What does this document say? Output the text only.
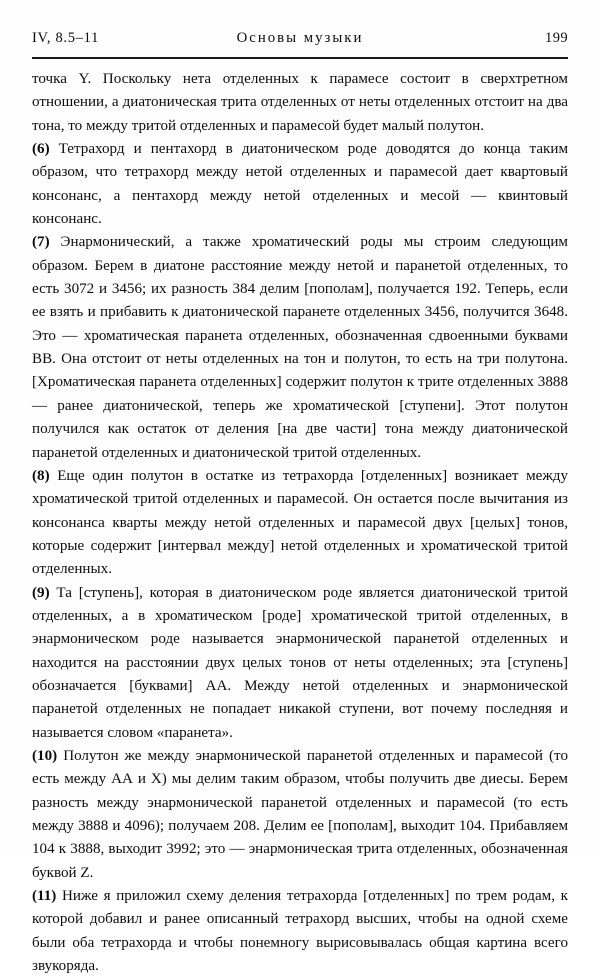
IV, 8.5–11	Основы музыки	199

точка Y. Поскольку нета отделенных к парамесе состоит в сверхтретном отношении, а диатоническая трита отделенных от неты отделенных отстоит на два тона, то между тритой отделенных и парамесой будет малый полутон.

(6) Тетрахорд и пентахорд в диатоническом роде доводятся до конца таким образом, что тетрахорд между нетой отделенных и парамесой дает квартовый консонанс, а пентахорд между нетой отделенных и месой — квинтовый консонанс.

(7) Энармонический, а также хроматический роды мы строим следующим образом. Берем в диатоне расстояние между нетой и паранетой отделенных, то есть 3072 и 3456; их разность 384 делим [пополам], получается 192. Теперь, если ее взять и прибавить к диатонической паранете отделенных 3456, получится 3648. Это — хроматическая паранета отделенных, обозначенная сдвоенными буквами BB. Она отстоит от неты отделенных на тон и полутон, то есть на три полутона. [Хроматическая паранета отделенных] содержит полутон к трите отделенных 3888 — ранее диатонической, теперь же хроматической [ступени]. Этот полутон получился как остаток от деления [на две части] тона между диатонической паранетой отделенных и диатонической тритой отделенных.

(8) Еще один полутон в остатке из тетрахорда [отделенных] возникает между хроматической тритой отделенных и парамесой. Он остается после вычитания из консонанса кварты между нетой отделенных и парамесой двух [целых] тонов, которые содержит [интервал между] нетой отделенных и хроматической тритой отделенных.

(9) Та [ступень], которая в диатоническом роде является диатонической тритой отделенных, а в хроматическом [роде] хроматической тритой отделенных, в энармоническом роде называется энармонической паранетой отделенных и находится на расстоянии двух целых тонов от неты отделенных; эта [ступень] обозначается [буквами] АА. Между нетой отделенных и энармонической паранетой отделенных не попадает никакой ступени, вот почему последняя и называется словом «паранета».

(10) Полутон же между энармонической паранетой отделенных и парамесой (то есть между АА и X) мы делим таким образом, чтобы получить две диесы. Берем разность между энармонической паранетой отделенных и парамесой (то есть между 3888 и 4096); получаем 208. Делим ее [пополам], выходит 104. Прибавляем 104 к 3888, выходит 3992; это — энармоническая трита отделенных, обозначенная буквой Z.

(11) Ниже я приложил схему деления тетрахорда [отделенных] по трем родам, к которой добавил и ранее описанный тетрахорд высших, чтобы на одной схеме были оба тетрахорда и чтобы понемногу вырисовывалась общая картина всего звукоряда.
